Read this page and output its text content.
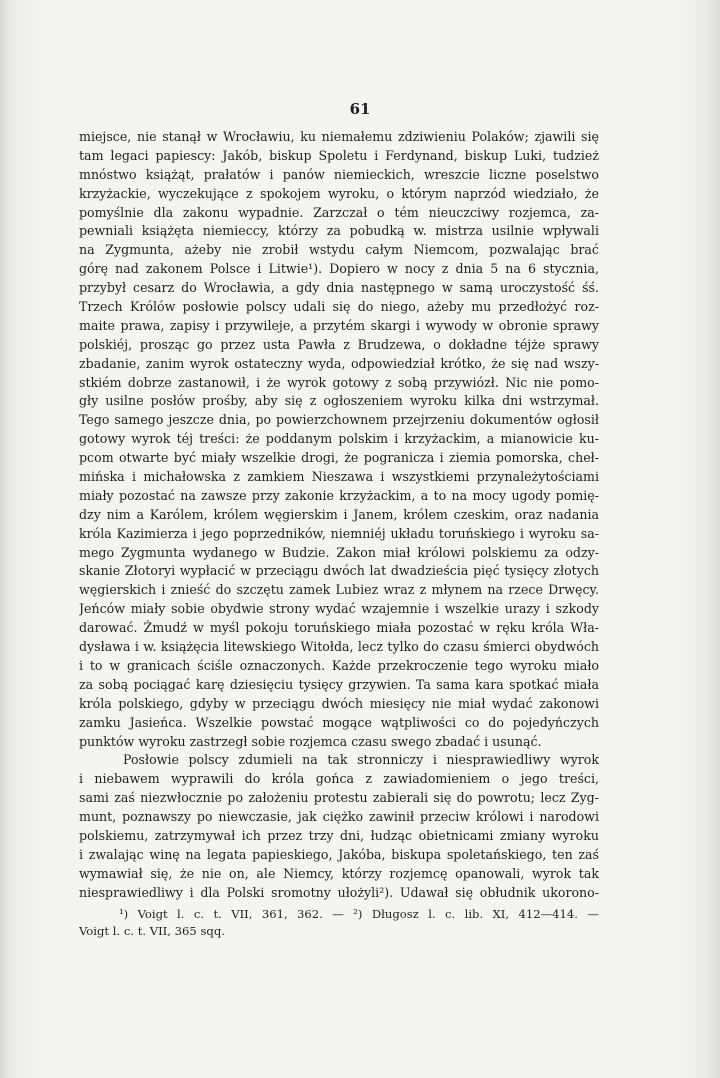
61
miejsce, nie stanął w Wrocławiu, ku niemałemu zdziwieniu Polaków; zjawili się
tam legaci papiescy: Jakób, biskup Spoletu i Ferdynand, biskup Luki, tudzież
mnóstwo książąt, prałatów i panów niemieckich, wreszcie liczne poselstwo
krzyżackie, wyczekujące z spokojem wyroku, o którym naprzód wiedziało, że
pomyślnie dla zakonu wypadnie. Zarzczał o tém nieuczciwy rozjemca, za-
pewniali książęta niemieccy, którzy za pobudką w. mistrza usilnie wpływali
na Zygmunta, ażeby nie zrobił wstydu całym Niemcom, pozwalając brać
górę nad zakonem Polsce i Litwie¹). Dopiero w nocy z dnia 5 na 6 stycznia,
przybył cesarz do Wrocławia, a gdy dnia następnego w samą uroczystość śś.
Trzech Królów posłowie polscy udali się do niego, ażeby mu przedłożyć roz-
maite prawa, zapisy i przywileje, a przytém skargi i wywody w obronie sprawy
polskiéj, prosząc go przez usta Pawła z Brudzewa, o dokładne téjże sprawy
zbadanie, zanim wyrok ostateczny wyda, odpowiedział krótko, że się nad wszy-
stkiém dobrze zastanowił, i że wyrok gotowy z sobą przywiózł. Nic nie pomo-
gły usilne posłów prośby, aby się z ogłoszeniem wyroku kilka dni wstrzymał.
Tego samego jeszcze dnia, po powierzchownem przejrzeniu dokumentów ogłosił
gotowy wyrok téj treści: że poddanym polskim i krzyżackim, a mianowicie ku-
pcom otwarte być miały wszelkie drogi, że pogranicza i ziemia pomorska, cheł-
mińska i michałowska z zamkiem Nieszawa i wszystkiemi przynależytościami
miały pozostać na zawsze przy zakonie krzyżackim, a to na mocy ugody pomię-
dzy nim a Karólem, królem węgierskim i Janem, królem czeskim, oraz nadania
króla Kazimierza i jego poprzedników, niemniéj układu toruńskiego i wyroku sa-
mego Zygmunta wydanego w Budzie. Zakon miał królowi polskiemu za odzy-
skanie Złotoryi wypłacić w przeciągu dwóch lat dwadzieścia pięć tysięcy złotych
węgierskich i znieść do szczętu zamek Lubiez wraz z młynem na rzece Drwęcy.
Jeńców miały sobie obydwie strony wydać wzajemnie i wszelkie urazy i szkody
darować. Żmudź w myśl pokoju toruńskiego miała pozostać w ręku króla Wła-
dysława i w. książęcia litewskiego Witołda, lecz tylko do czasu śmierci obydwóch
i to w granicach ściśle oznaczonych. Każde przekroczenie tego wyroku miało
za sobą pociągać karę dziesięciu tysięcy grzywien. Ta sama kara spotkać miała
króla polskiego, gdyby w przeciągu dwóch miesięcy nie miał wydać zakonowi
zamku Jasieńca. Wszelkie powstać mogące wątpliwości co do pojedyńczych
punktów wyroku zastrzegł sobie rozjemca czasu swego zbadać i usunąć.
Posłowie polscy zdumieli na tak stronniczy i niesprawiedliwy wyrok
i niebawem wyprawili do króla gońca z zawiadomieniem o jego treści,
sami zaś niezwłocznie po założeniu protestu zabierali się do powrotu; lecz Zyg-
munt, poznawszy po niewczasie, jak ciężko zawinił przeciw królowi i narodowi
polskiemu, zatrzymywał ich przez trzy dni, łudząc obietnicami zmiany wyroku
i zwalając winę na legata papieskiego, Jakóba, biskupa spoletańskiego, ten zaś
wymawiał się, że nie on, ale Niemcy, którzy rozjemcę opanowali, wyrok tak
niesprawiedliwy i dla Polski sromotny ułożyli²). Udawał się obłudnik ukorono-
¹) Voigt l. c. t. VII, 361, 362. — ²) Długosz l. c. lib. XI, 412—414. —
Voigt l. c. t. VII, 365 sqq.
